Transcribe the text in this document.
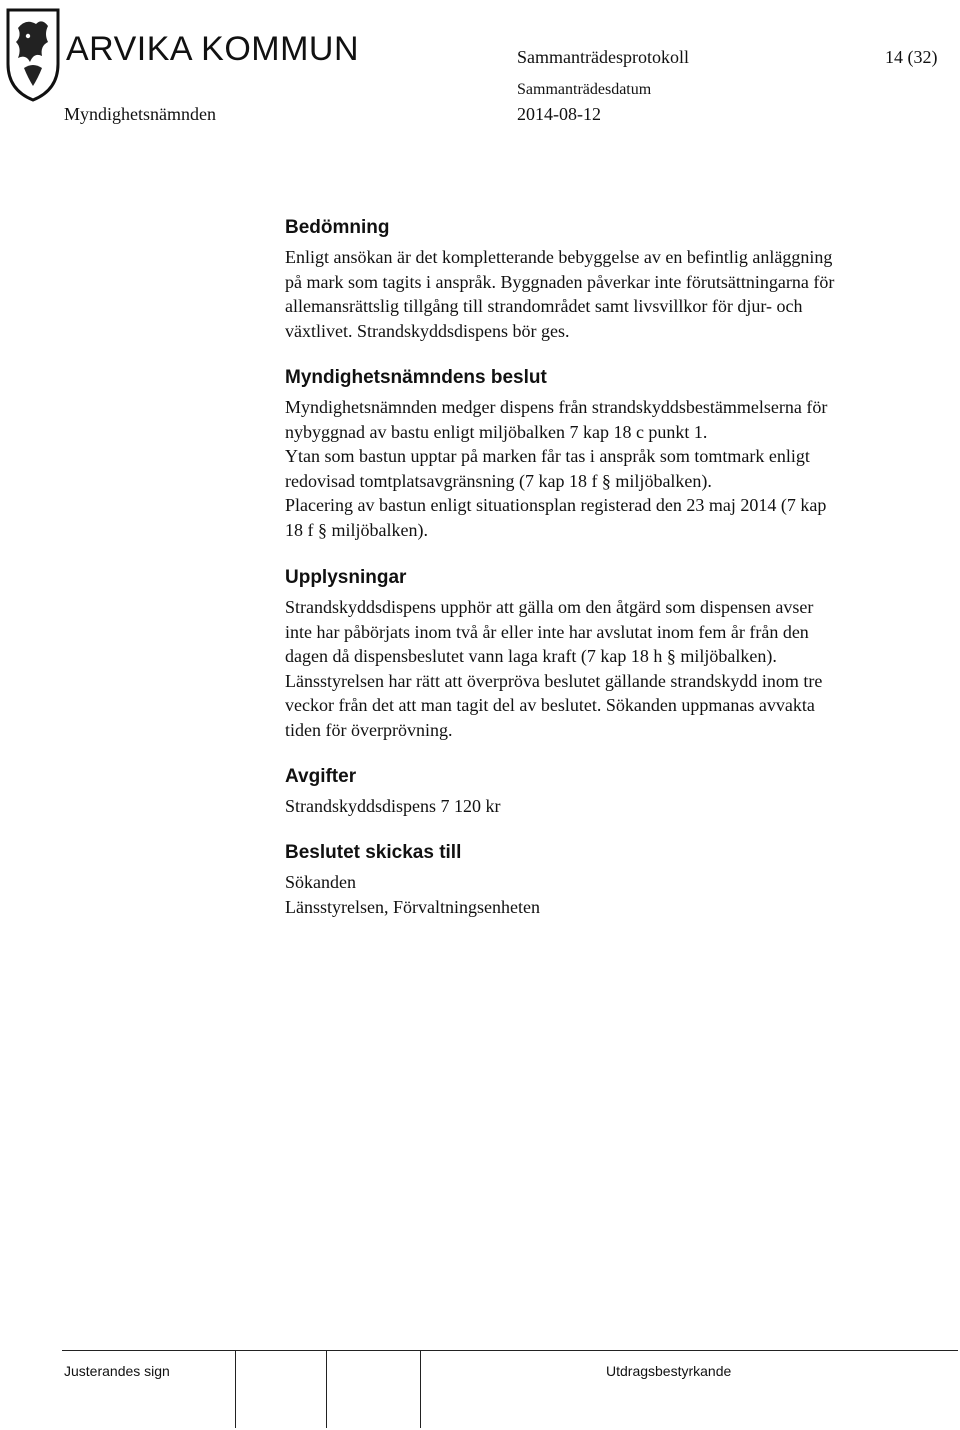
ARVIKA KOMMUN	Sammanträdesprotokoll	14 (32)
Sammanträdesdatum
Myndighetsnämnden	2014-08-12
Bedömning
Enligt ansökan är det kompletterande bebyggelse av en befintlig anläggning
på mark som tagits i anspråk. Byggnaden påverkar inte förutsättningarna för
allemansrättslig tillgång till strandområdet samt livsvillkor för djur- och
växtlivet. Strandskyddsdispens bör ges.
Myndighetsnämndens beslut
Myndighetsnämnden medger dispens från strandskyddsbestämmelserna för
nybyggnad av bastu enligt miljöbalken 7 kap 18 c punkt 1.
Ytan som bastun upptar på marken får tas i anspråk som tomtmark enligt
redovisad tomtplatsavgränsning (7 kap 18 f § miljöbalken).
Placering av bastun enligt situationsplan registerad den 23 maj 2014 (7 kap
18 f § miljöbalken).
Upplysningar
Strandskyddsdispens upphör att gälla om den åtgärd som dispensen avser
inte har påbörjats inom två år eller inte har avslutat inom fem år från den
dagen då dispensbeslutet vann laga kraft (7 kap 18 h § miljöbalken).
Länsstyrelsen har rätt att överpröva beslutet gällande strandskydd inom tre
veckor från det att man tagit del av beslutet. Sökanden uppmanas avvakta
tiden för överprövning.
Avgifter
Strandskyddsdispens 7 120 kr
Beslutet skickas till
Sökanden
Länsstyrelsen, Förvaltningsenheten
Justerandes sign	Utdragsbestyrkande
